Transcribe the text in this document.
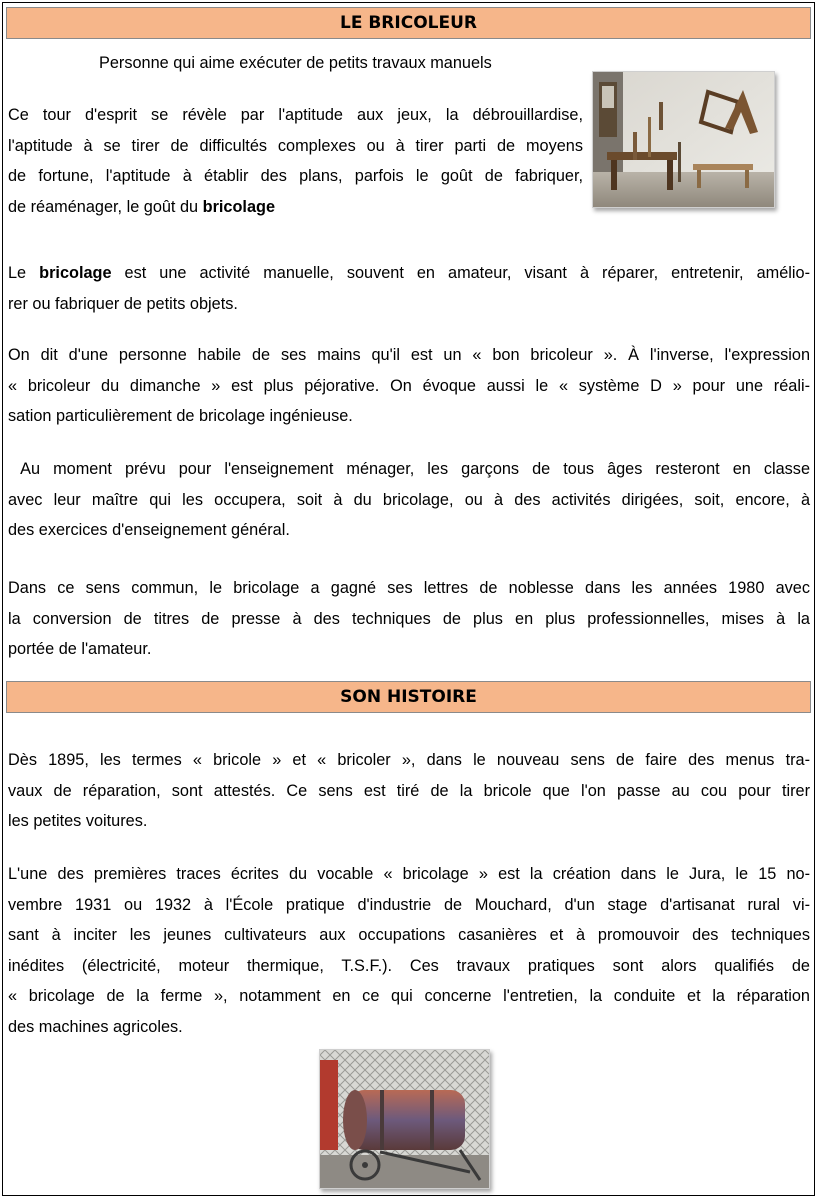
LE BRICOLEUR
Personne qui aime exécuter de petits travaux manuels
Ce tour d'esprit se révèle par l'aptitude aux jeux, la débrouillardise,
l'aptitude à se tirer de difficultés complexes ou à tirer parti de moyens
de fortune, l'aptitude à établir des plans, parfois le goût de fabriquer,
de réaménager, le goût du bricolage
Le bricolage est une activité manuelle, souvent en amateur, visant à réparer, entretenir, amélio-
rer ou fabriquer de petits objets.
On dit d'une personne habile de ses mains qu'il est un « bon bricoleur ». À l'inverse, l'expression
« bricoleur du dimanche » est plus péjorative. On évoque aussi le « système D » pour une réali-
sation particulièrement de bricolage ingénieuse.
Au moment prévu pour l'enseignement ménager, les garçons de tous âges resteront en classe
avec leur maître qui les occupera, soit à du bricolage, ou à des activités dirigées, soit, encore, à
des exercices d'enseignement général.
Dans ce sens commun, le bricolage a gagné ses lettres de noblesse dans les années 1980 avec
la conversion de titres de presse à des techniques de plus en plus professionnelles, mises à la
portée de l'amateur.
SON HISTOIRE
Dès 1895, les termes « bricole » et « bricoler », dans le nouveau sens de faire des menus tra-
vaux de réparation, sont attestés. Ce sens est tiré de la bricole que l'on passe au cou pour tirer
les petites voitures.
L'une des premières traces écrites du vocable « bricolage » est la création dans le Jura, le 15 no-
vembre 1931 ou 1932 à l'École pratique d'industrie de Mouchard, d'un stage d'artisanat rural vi-
sant à inciter les jeunes cultivateurs aux occupations casanières et à promouvoir des techniques
inédites (électricité, moteur thermique, T.S.F.). Ces travaux pratiques sont alors qualifiés de
« bricolage de la ferme », notamment en ce qui concerne l'entretien, la conduite et la réparation
des machines agricoles.
